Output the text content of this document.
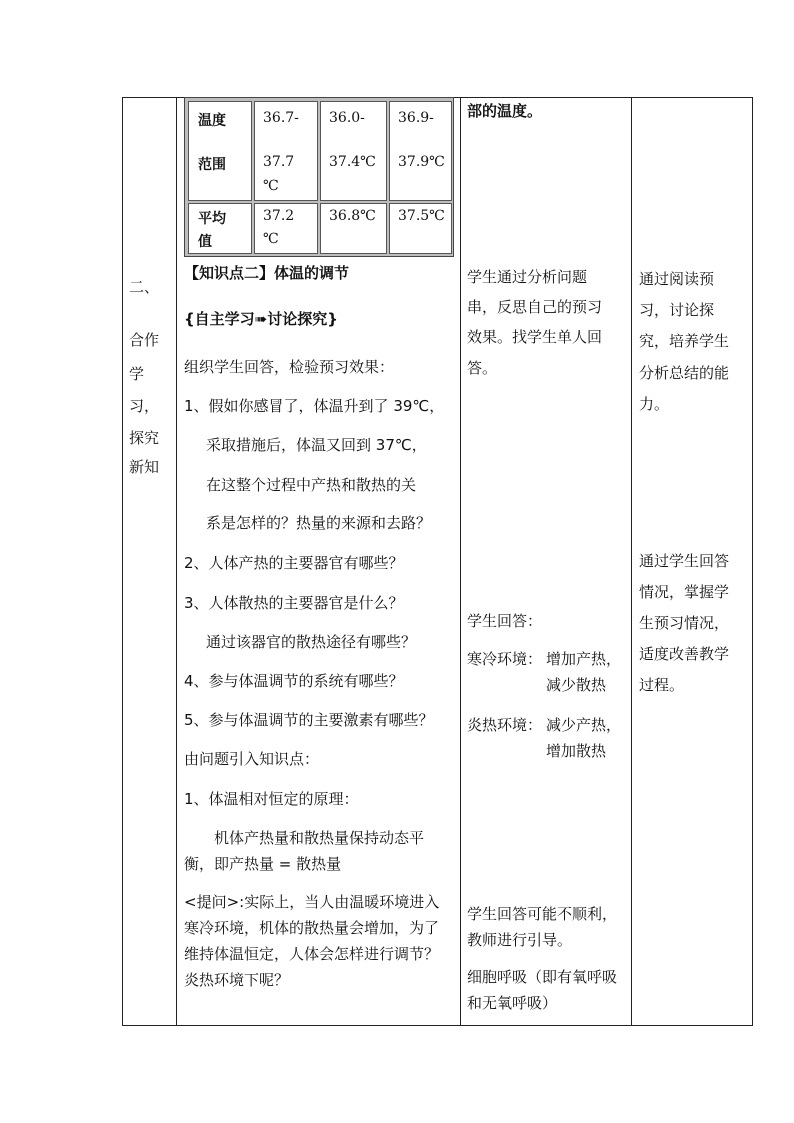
二、
合作
学
习，
探究
新知
温度
范围
36.7-
37.7
℃
36.0-
37.4℃
36.9-
37.9℃
平均
值
37.2
℃
36.8℃ 37.5℃
【知识点二】体温的调节
{自主学习➠讨论探究}
组织学生回答，检验预习效果：
1、假如你感冒了，体温升到了 39℃，
采取措施后，体温又回到 37℃，
在这整个过程中产热和散热的关
系是怎样的？热量的来源和去路？
2、人体产热的主要器官有哪些？
3、人体散热的主要器官是什么？
通过该器官的散热途径有哪些？
4、参与体温调节的系统有哪些？
5、参与体温调节的主要激素有哪些？
由问题引入知识点：
1、体温相对恒定的原理：
机体产热量和散热量保持动态平
衡，即产热量 = 散热量
<提问>:实际上，当人由温暖环境进入
寒冷环境，机体的散热量会增加，为了
维持体温恒定，人体会怎样进行调节？
炎热环境下呢？
部的温度。
学生通过分析问题
串，反思自己的预习
效果。找学生单人回
答。
学生回答：
寒冷环境： 增加产热，
减少散热
炎热环境： 减少产热，
增加散热
学生回答可能不顺利，
教师进行引导。
细胞呼吸（即有氧呼吸
和无氧呼吸）
通过阅读预
习，讨论探
究，培养学生
分析总结的能
力。
通过学生回答
情况，掌握学
生预习情况，
适度改善教学
过程。
